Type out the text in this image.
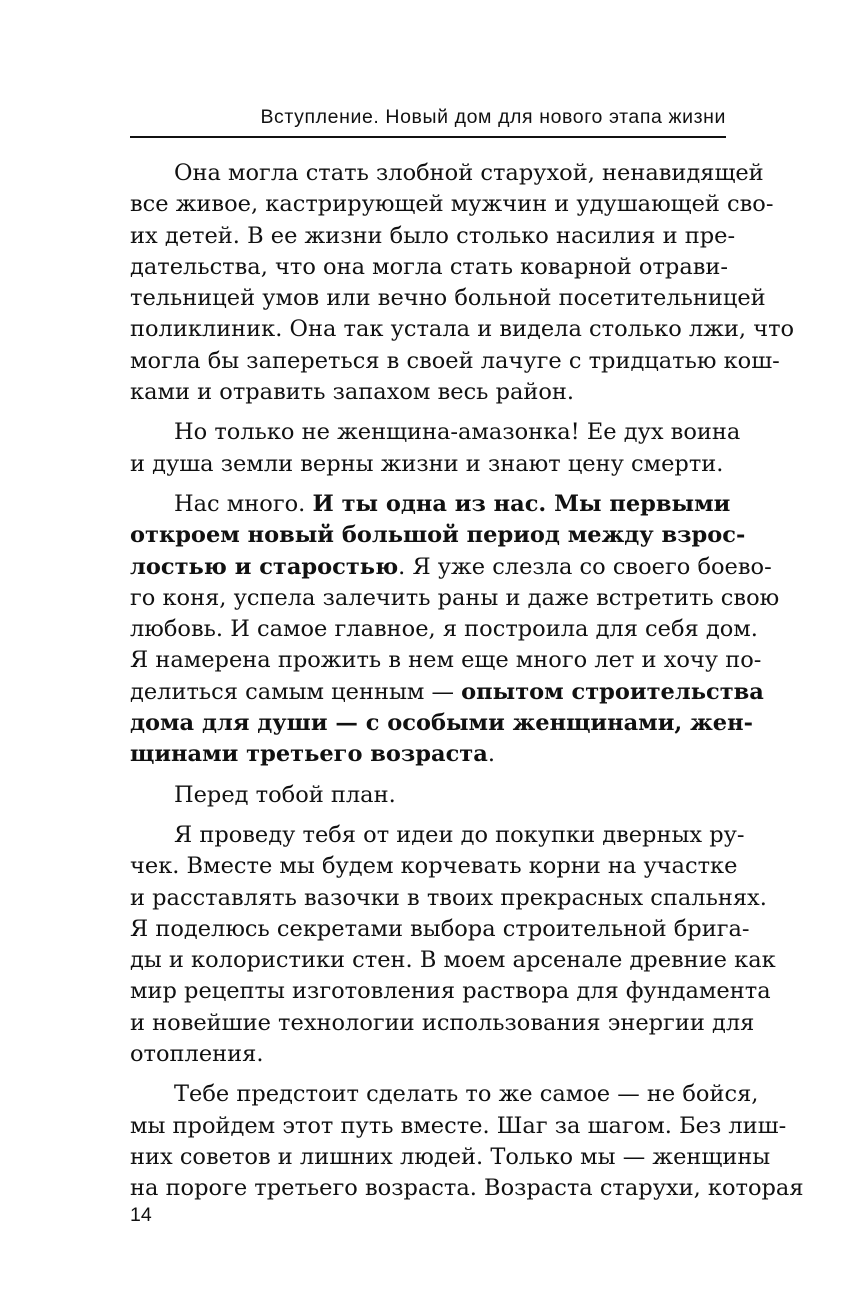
Вступление. Новый дом для нового этапа жизни
Она могла стать злобной старухой, ненавидящей
все живое, кастрирующей мужчин и удушающей сво-
их детей. В ее жизни было столько насилия и пре-
дательства, что она могла стать коварной отрави-
тельницей умов или вечно больной посетительницей
поликлиник. Она так устала и видела столько лжи, что
могла бы запереться в своей лачуге с тридцатью кош-
ками и отравить запахом весь район.
Но только не женщина-амазонка! Ее дух воина
и душа земли верны жизни и знают цену смерти.
Нас много. И ты одна из нас. Мы первыми
откроем новый большой период между взрос-
лостью и старостью. Я уже слезла со своего боево-
го коня, успела залечить раны и даже встретить свою
любовь. И самое главное, я построила для себя дом.
Я намерена прожить в нем еще много лет и хочу по-
делиться самым ценным — опытом строительства
дома для души — с особыми женщинами, жен-
щинами третьего возраста.
Перед тобой план.
Я проведу тебя от идеи до покупки дверных ру-
чек. Вместе мы будем корчевать корни на участке
и расставлять вазочки в твоих прекрасных спальнях.
Я поделюсь секретами выбора строительной брига-
ды и колористики стен. В моем арсенале древние как
мир рецепты изготовления раствора для фундамента
и новейшие технологии использования энергии для
отопления.
Тебе предстоит сделать то же самое — не бойся,
мы пройдем этот путь вместе. Шаг за шагом. Без лиш-
них советов и лишних людей. Только мы — женщины
на пороге третьего возраста. Возраста старухи, которая
14
